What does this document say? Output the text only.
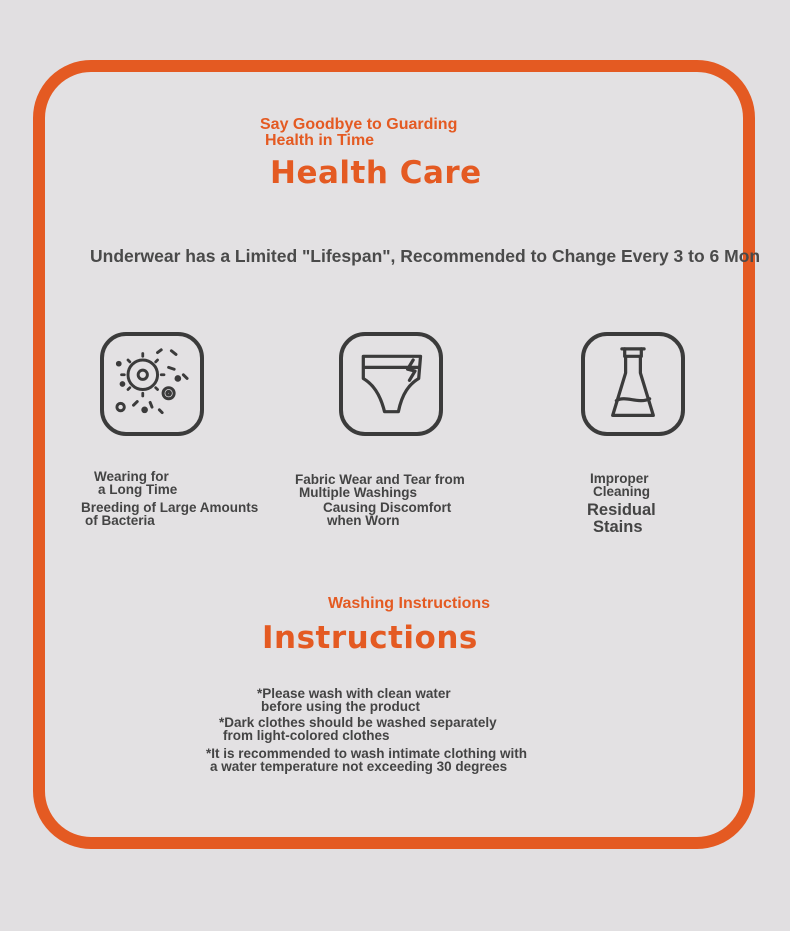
Say Goodbye to Guarding
Health in Time
Health Care
Underwear has a Limited "Lifespan", Recommended to Change Every 3 to 6 Mon
Wearing for
a Long Time
Breeding of Large Amounts
of Bacteria
Fabric Wear and Tear from
Multiple Washings
Causing Discomfort
when Worn
Improper
Cleaning
Residual
Stains
Washing Instructions
Instructions
*Please wash with clean water
before using the product
*Dark clothes should be washed separately
from light-colored clothes
*It is recommended to wash intimate clothing with
a water temperature not exceeding 30 degrees
